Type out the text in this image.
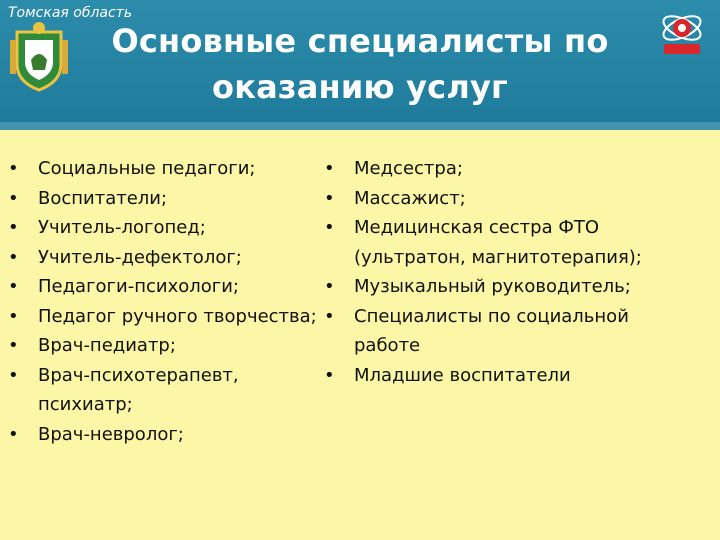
Томская область
Основные специалисты по
оказанию услуг
• Социальные педагоги;
• Воспитатели;
• Учитель-логопед;
• Учитель-дефектолог;
• Педагоги-психологи;
• Педагог ручного творчества;
• Врач-педиатр;
• Врач-психотерапевт, психиатр;
• Врач-невролог;
• Медсестра;
• Массажист;
• Медицинская сестра ФТО (ультратон, магнитотерапия);
• Музыкальный руководитель;
• Специалисты по социальной работе
• Младшие воспитатели
